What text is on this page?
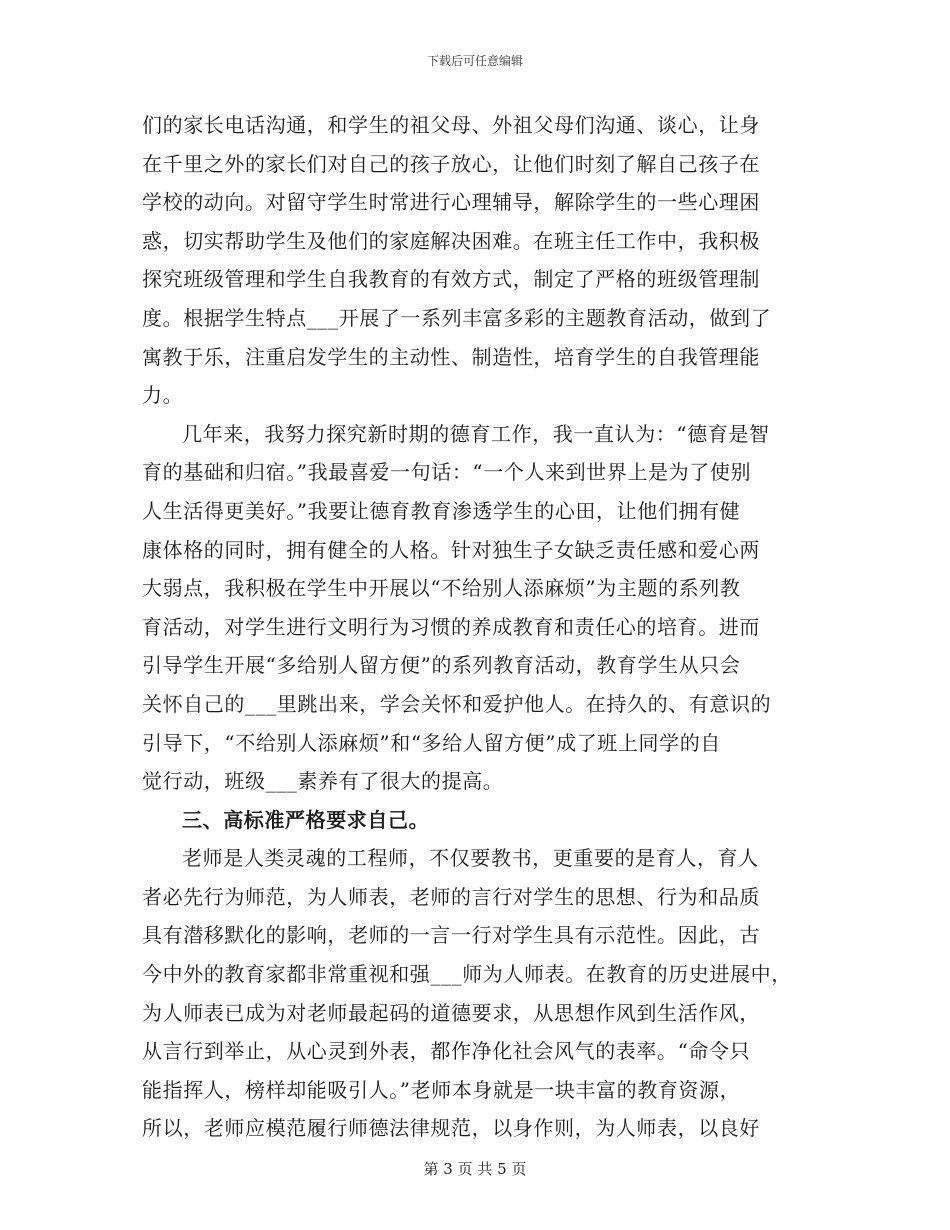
下载后可任意编辑
们的家长电话沟通，和学生的祖父母、外祖父母们沟通、谈心，让身
在千里之外的家长们对自己的孩子放心，让他们时刻了解自己孩子在
学校的动向。对留守学生时常进行心理辅导，解除学生的一些心理困
惑，切实帮助学生及他们的家庭解决困难。在班主任工作中，我积极
探究班级管理和学生自我教育的有效方式，制定了严格的班级管理制
度。根据学生特点___开展了一系列丰富多彩的主题教育活动，做到了
寓教于乐，注重启发学生的主动性、制造性，培育学生的自我管理能
力。
几年来，我努力探究新时期的德育工作，我一直认为：“德育是智
育的基础和归宿。”我最喜爱一句话：“一个人来到世界上是为了使别
人生活得更美好。”我要让德育教育渗透学生的心田，让他们拥有健
康体格的同时，拥有健全的人格。针对独生子女缺乏责任感和爱心两
大弱点，我积极在学生中开展以“不给别人添麻烦”为主题的系列教
育活动，对学生进行文明行为习惯的养成教育和责任心的培育。进而
引导学生开展“多给别人留方便”的系列教育活动，教育学生从只会
关怀自己的___里跳出来，学会关怀和爱护他人。在持久的、有意识的
引导下，“不给别人添麻烦”和“多给人留方便”成了班上同学的自
觉行动，班级___素养有了很大的提高。
三、高标准严格要求自己。
老师是人类灵魂的工程师，不仅要教书，更重要的是育人，育人
者必先行为师范，为人师表，老师的言行对学生的思想、行为和品质
具有潜移默化的影响，老师的一言一行对学生具有示范性。因此，古
今中外的教育家都非常重视和强___师为人师表。在教育的历史进展中，
为人师表已成为对老师最起码的道德要求，从思想作风到生活作风，
从言行到举止，从心灵到外表，都作净化社会风气的表率。“命令只
能指挥人，榜样却能吸引人。”老师本身就是一块丰富的教育资源，
所以，老师应模范履行师德法律规范，以身作则，为人师表，以良好
第 3 页 共 5 页
